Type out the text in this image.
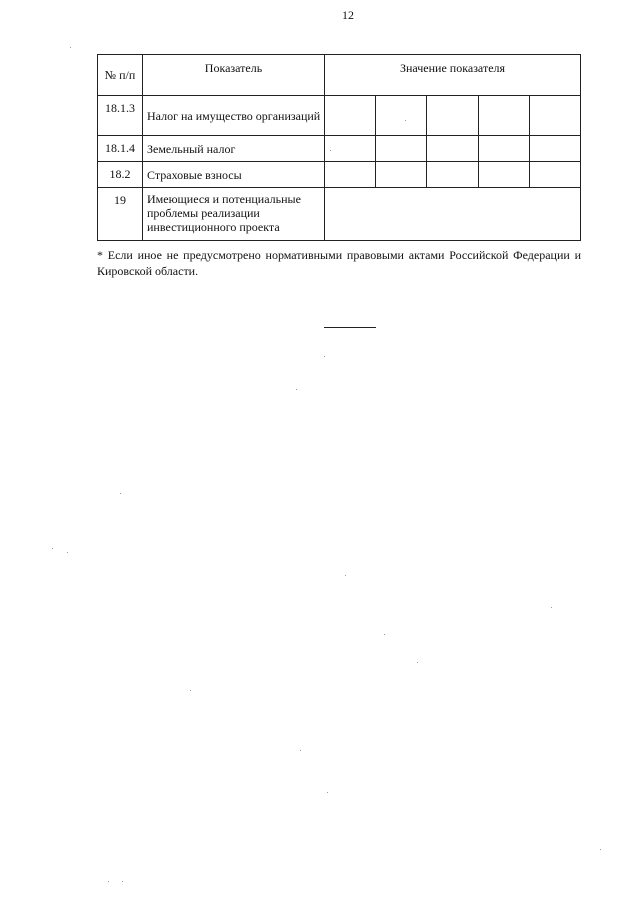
12
№ п/п	Показатель	Значение показателя				
18.1.3	Налог на имущество организаций					
18.1.4	Земельный налог					
18.2	Страховые взносы					
19	Имеющиеся и потенциальные проблемы реализации инвестиционного проекта					
* Если иное не предусмотрено нормативными правовыми актами Российской Федерации и Кировской области.
